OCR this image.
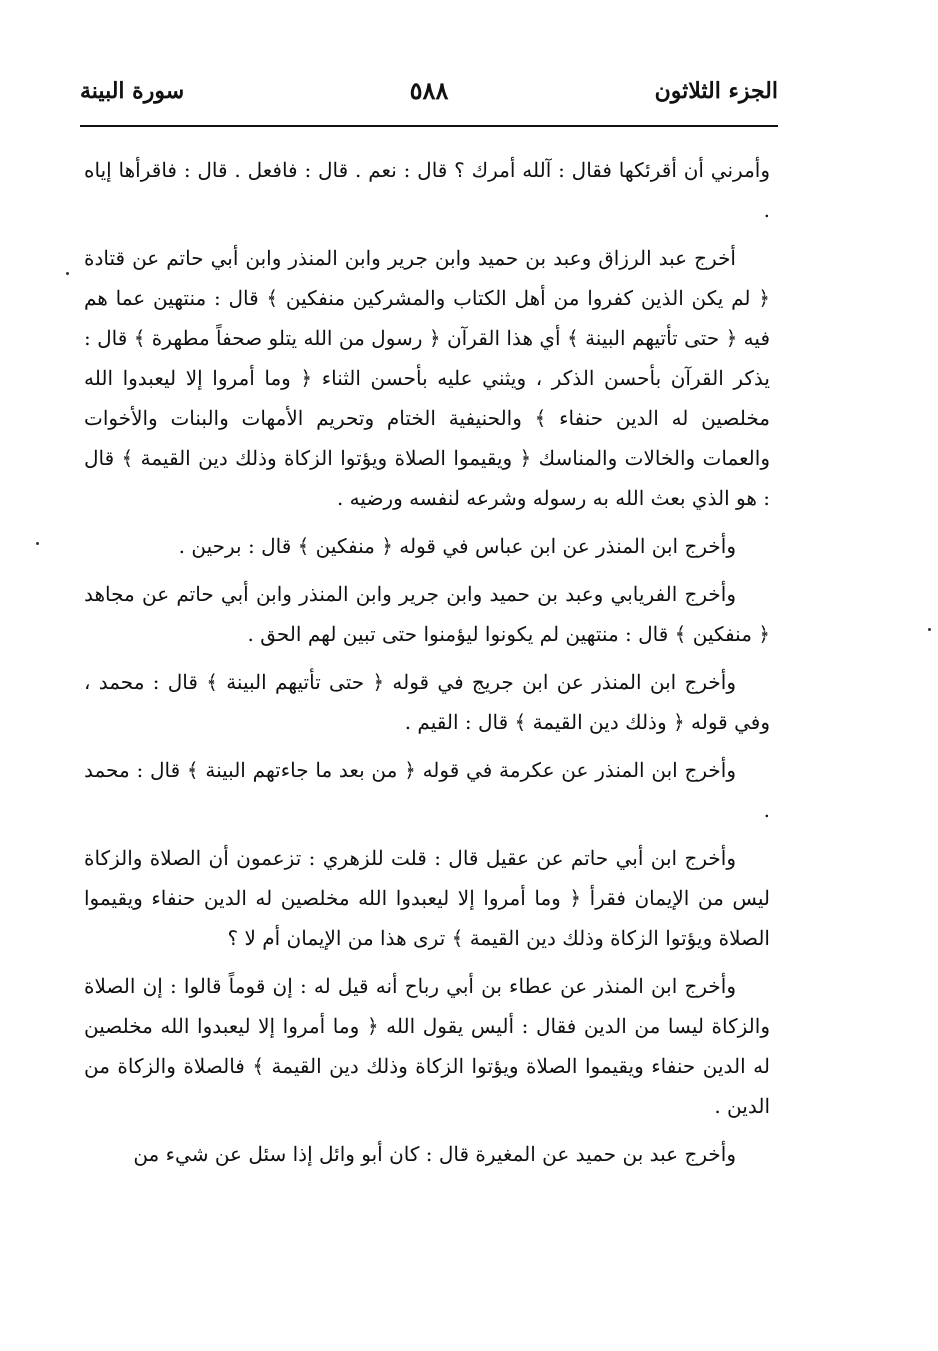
الجزء الثلاثون
٥٨٨
سورة البينة

وأمرني أن أقرئكها فقال : آلله أمرك ؟ قال : نعم . قال : فافعل . قال : فاقرأها إياه .

أخرج عبد الرزاق وعبد بن حميد وابن جرير وابن المنذر وابن أبي حاتم عن قتادة ﴿ لم يكن الذين كفروا من أهل الكتاب والمشركين منفكين ﴾ قال : منتهين عما هم فيه ﴿ حتى تأتيهم البينة ﴾ أي هذا القرآن ﴿ رسول من الله يتلو صحفاً مطهرة ﴾ قال : يذكر القرآن بأحسن الذكر ، ويثني عليه بأحسن الثناء ﴿ وما أمروا إلا ليعبدوا الله مخلصين له الدين حنفاء ﴾ والحنيفية الختام وتحريم الأمهات والبنات والأخوات والعمات والخالات والمناسك ﴿ ويقيموا الصلاة ويؤتوا الزكاة وذلك دين القيمة ﴾ قال : هو الذي بعث الله به رسوله وشرعه لنفسه ورضيه .

وأخرج ابن المنذر عن ابن عباس في قوله ﴿ منفكين ﴾ قال : برحين .

وأخرج الفريابي وعبد بن حميد وابن جرير وابن المنذر وابن أبي حاتم عن مجاهد ﴿ منفكين ﴾ قال : منتهين لم يكونوا ليؤمنوا حتى تبين لهم الحق .

وأخرج ابن المنذر عن ابن جريج في قوله ﴿ حتى تأتيهم البينة ﴾ قال : محمد ، وفي قوله ﴿ وذلك دين القيمة ﴾ قال : القيم .

وأخرج ابن المنذر عن عكرمة في قوله ﴿ من بعد ما جاءتهم البينة ﴾ قال : محمد .

وأخرج ابن أبي حاتم عن عقيل قال : قلت للزهري : تزعمون أن الصلاة والزكاة ليس من الإيمان فقرأ ﴿ وما أمروا إلا ليعبدوا الله مخلصين له الدين حنفاء ويقيموا الصلاة ويؤتوا الزكاة وذلك دين القيمة ﴾ ترى هذا من الإيمان أم لا ؟

وأخرج ابن المنذر عن عطاء بن أبي رباح أنه قيل له : إن قوماً قالوا : إن الصلاة والزكاة ليسا من الدين فقال : أليس يقول الله ﴿ وما أمروا إلا ليعبدوا الله مخلصين له الدين حنفاء ويقيموا الصلاة ويؤتوا الزكاة وذلك دين القيمة ﴾ فالصلاة والزكاة من الدين .

وأخرج عبد بن حميد عن المغيرة قال : كان أبو وائل إذا سئل عن شيء من
